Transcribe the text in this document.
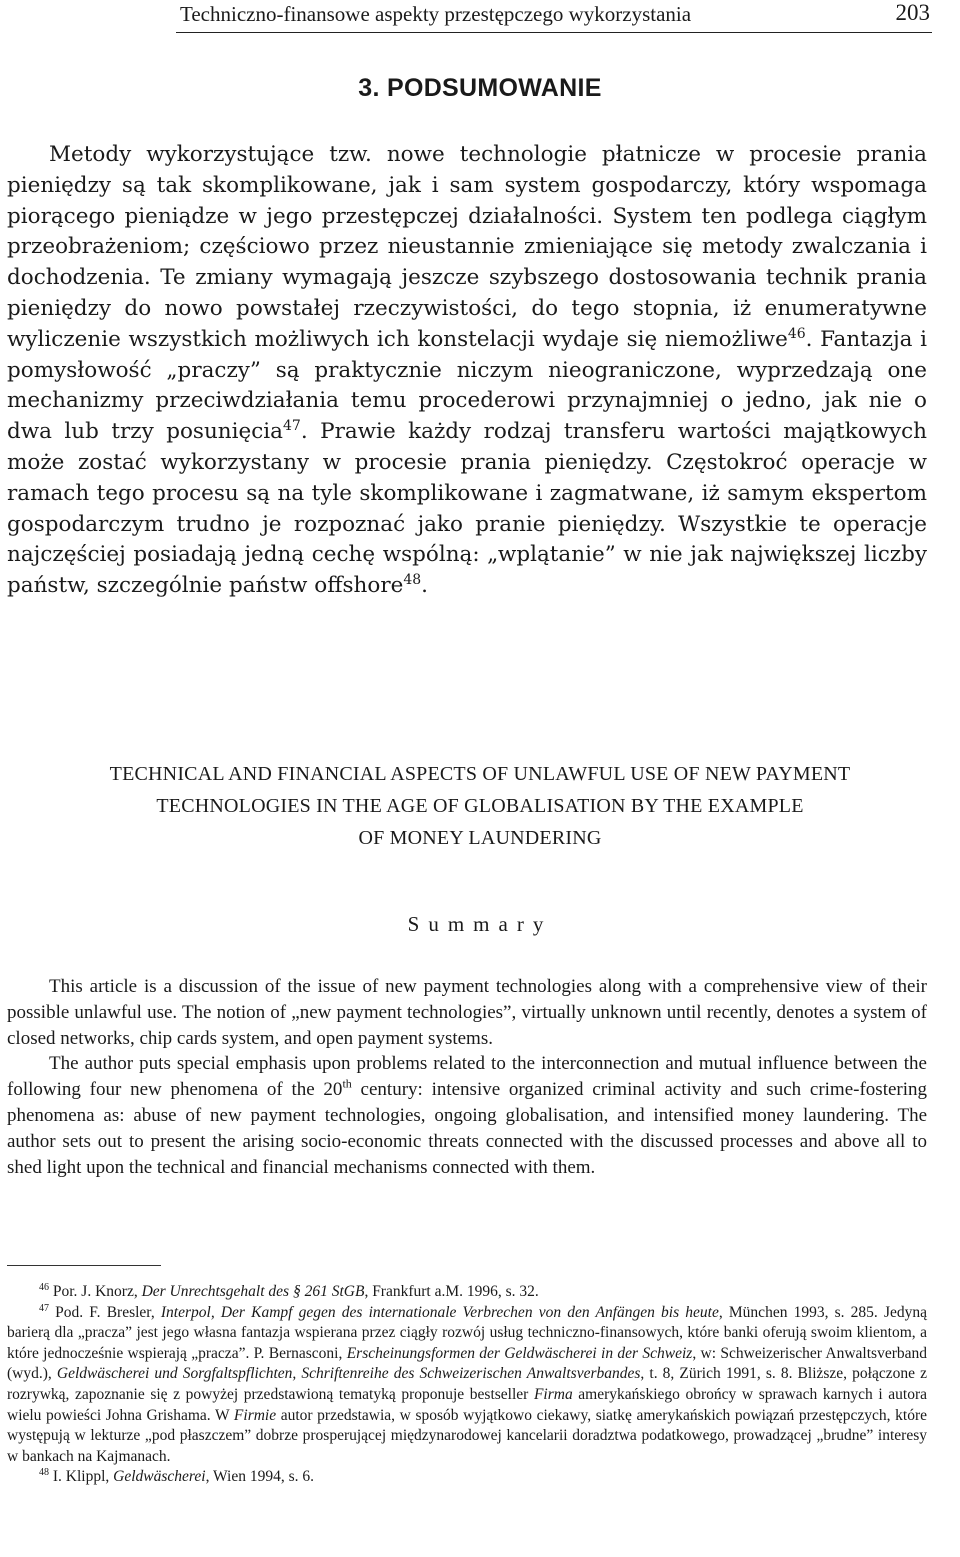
Techniczno-finansowe aspekty przestępczego wykorzystania	203
3. PODSUMOWANIE

Metody wykorzystujące tzw. nowe technologie płatnicze w procesie prania pieniędzy są tak skomplikowane, jak i sam system gospodarczy, który wspomaga piorącego pieniądze w jego przestępczej działalności. System ten podlega ciągłym przeobrażeniom; częściowo przez nieustannie zmieniające się metody zwalczania i dochodzenia. Te zmiany wymagają jeszcze szybszego dostosowania technik prania pieniędzy do nowo powstałej rzeczywistości, do tego stopnia, iż enumeratywne wyliczenie wszystkich możliwych ich konstelacji wydaje się niemożliwe$^{46}$. Fantazja i pomysłowość „praczy” są praktycznie niczym nieograniczone, wyprzedzają one mechanizmy przeciwdziałania temu procederowi przynajmniej o jedno, jak nie o dwa lub trzy posunięcia$^{47}$. Prawie każdy rodzaj transferu wartości majątkowych może zostać wykorzystany w procesie prania pieniędzy. Częstokroć operacje w ramach tego procesu są na tyle skomplikowane i zagmatwane, iż samym ekspertom gospodarczym trudno je rozpoznać jako pranie pieniędzy. Wszystkie te operacje najczęściej posiadają jedną cechę wspólną: „wplątanie” w nie jak największej liczby państw, szczególnie państw offshore$^{48}$.

TECHNICAL AND FINANCIAL ASPECTS OF UNLAWFUL USE OF NEW PAYMENT
TECHNOLOGIES IN THE AGE OF GLOBALISATION BY THE EXAMPLE
OF MONEY LAUNDERING
Summary

This article is a discussion of the issue of new payment technologies along with a comprehensive view of their possible unlawful use. The notion of „new payment technologies”, virtually unknown until recently, denotes a system of closed networks, chip cards system, and open payment systems.

The author puts special emphasis upon problems related to the interconnection and mutual influence between the following four new phenomena of the 20th century: intensive organized criminal activity and such crime-fostering phenomena as: abuse of new payment technologies, ongoing globalisation, and intensified money laundering. The author sets out to present the arising socio-economic threats connected with the discussed processes and above all to shed light upon the technical and financial mechanisms connected with them.

$^{46}$ Por. J. Knorz, Der Unrechtsgehalt des § 261 StGB, Frankfurt a.M. 1996, s. 32.

$^{47}$ Pod. F. Bresler, Interpol, Der Kampf gegen des internationale Verbrechen von den Anfängen bis heute, München 1993, s. 285. Jedyną barierą dla „pracza” jest jego własna fantazja wspierana przez ciągły rozwój usług techniczno-finansowych, które banki oferują swoim klientom, a które jednocześnie wspierają „pracza”. P. Bernasconi, Erscheinungsformen der Geldwäscherei in der Schweiz, w: Schweizerischer Anwaltsverband (wyd.), Geldwäscherei und Sorgfaltspflichten, Schriftenreihe des Schweizerischen Anwaltsverbandes, t. 8, Zürich 1991, s. 8. Bliższe, połączone z rozrywką, zapoznanie się z powyżej przedstawioną tematyką proponuje bestseller Firma amerykańskiego obrońcy w sprawach karnych i autora wielu powieści Johna Grishama. W Firmie autor przedstawia, w sposób wyjątkowo ciekawy, siatkę amerykańskich powiązań przestępczych, które występują w lekturze „pod płaszczem” dobrze prosperującej międzynarodowej kancelarii doradztwa podatkowego, prowadzącej „brudne” interesy w bankach na Kajmanach.

$^{48}$ I. Klippl, Geldwäscherei, Wien 1994, s. 6.
